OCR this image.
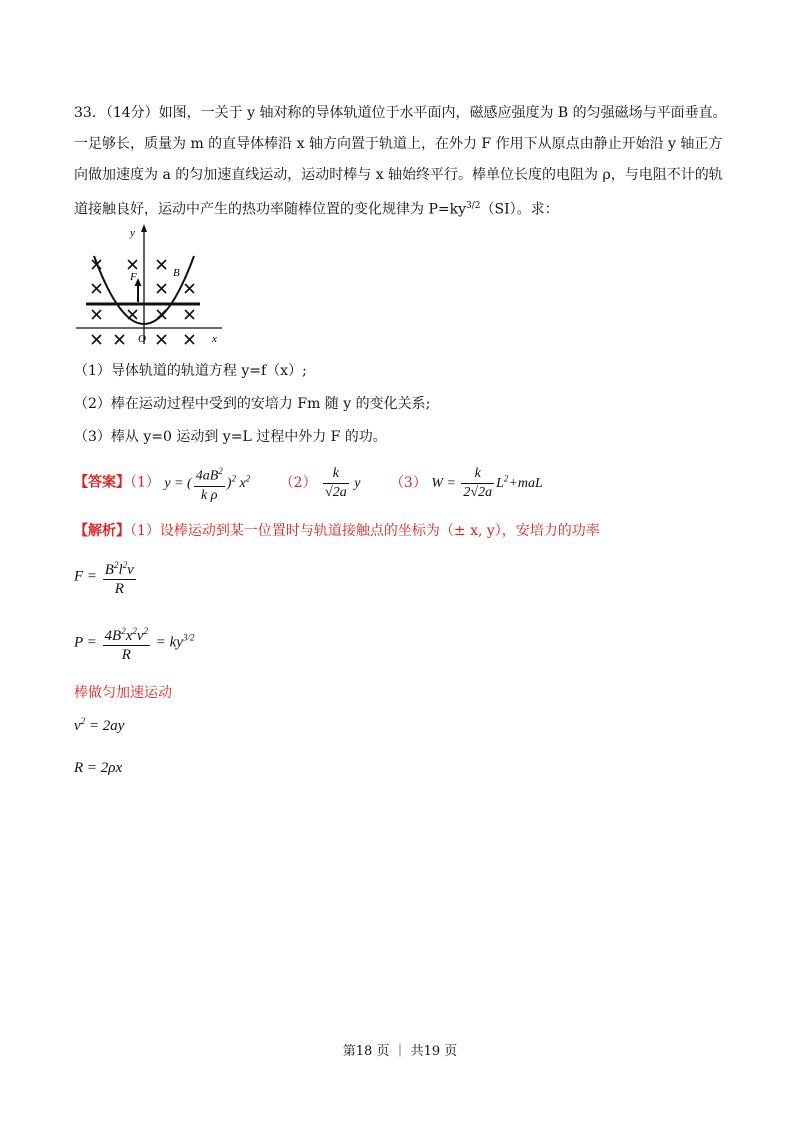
33．（14分）如图，一关于 y 轴对称的导体轨道位于水平面内，磁感应强度为 B 的匀强磁场与平面垂直。一足够长，质量为 m 的直导体棒沿 x 轴方向置于轨道上，在外力 F 作用下从原点由静止开始沿 y 轴正方向做加速度为 a 的匀加速直线运动，运动时棒与 x 轴始终平行。棒单位长度的电阻为 ρ，与电阻不计的轨道接触良好，运动中产生的热功率随棒位置的变化规律为 $P=ky^{3/2}(SI)$。求：
y
x
O
F	B
（1）导体轨道的轨道方程 y=f（x）;
（2）棒在运动过程中受到的安培力 Fm 随 y 的变化关系;
（3）棒从 y=0 运动到 y=L 过程中外力 F 的功。
【答案】（1） y = ( $\frac{4aB^2}{\text{k ρ}} )^2$ $x^2$ $(2) \frac{k}{√2a}$ y （3） $W = \frac{k}{2√2a} L^2+maL$
【解析】（1）设棒运动到某一位置时与轨道接触点的坐标为（± x, y），安培力的功率
$F = \frac{B^2l^2v}{R}$
$P = \frac{4B^2x^2v^2}{R} = ky^{3/2}$
棒做匀加速运动
$v^2 = 2ay$
R = 2ρx
第18 页 ｜ 共19 页
